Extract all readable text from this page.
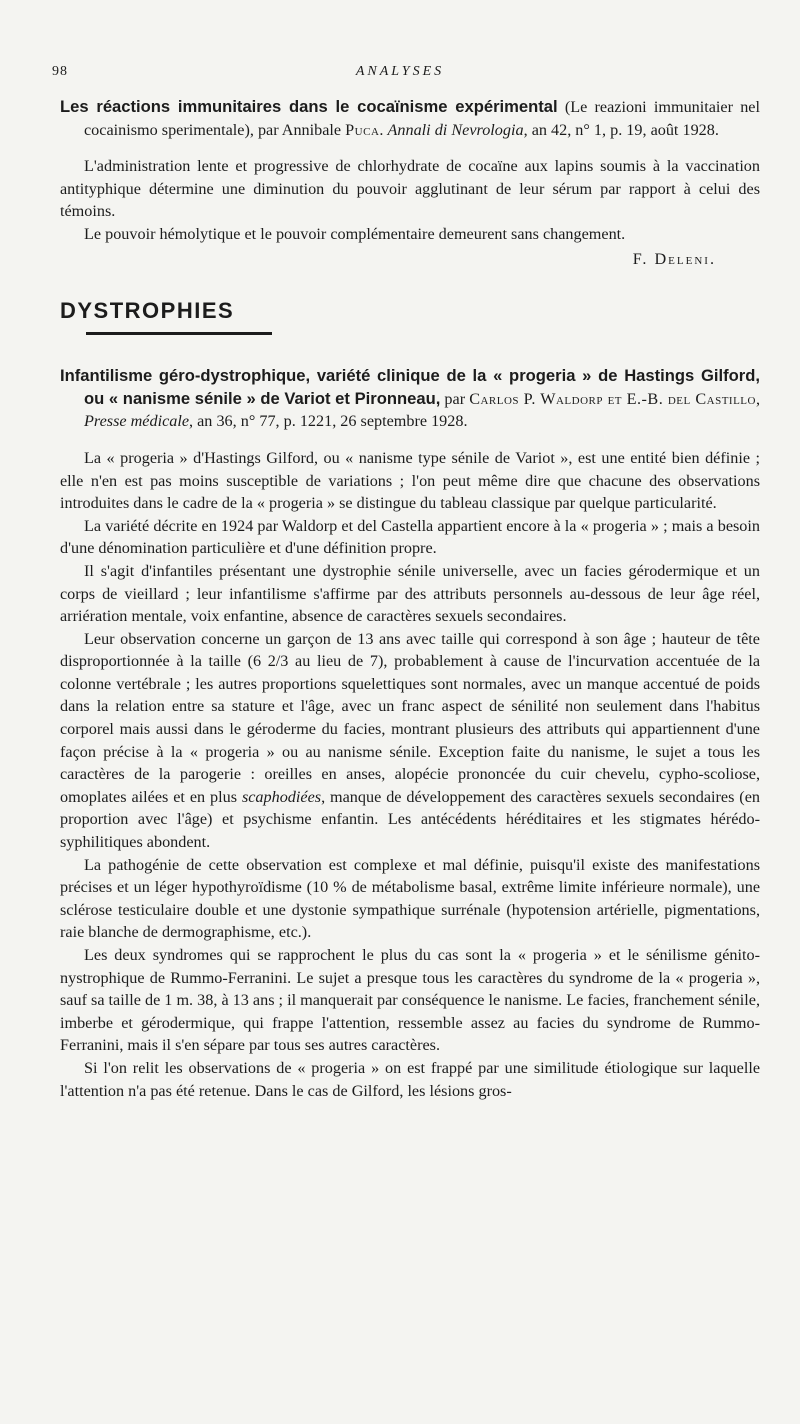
98	ANALYSES

Les réactions immunitaires dans le cocaïnisme expérimental (Le reazioni immunitaier nel cocainismo sperimentale), par Annibale Puca. Annali di Nevrologia, an 42, n° 1, p. 19, août 1928.

L'administration lente et progressive de chlorhydrate de cocaïne aux lapins soumis à la vaccination antityphique détermine une diminution du pouvoir agglutinant de leur sérum par rapport à celui des témoins.

Le pouvoir hémolytique et le pouvoir complémentaire demeurent sans changement.

F. Deleni.

DYSTROPHIES

Infantilisme géro-dystrophique, variété clinique de la « progeria » de Hastings Gilford, ou « nanisme sénile » de Variot et Pironneau, par Carlos P. Waldorp et E.-B. del Castillo, Presse médicale, an 36, n° 77, p. 1221, 26 septembre 1928.

La « progeria » d'Hastings Gilford, ou « nanisme type sénile de Variot », est une entité bien définie ; elle n'en est pas moins susceptible de variations ; l'on peut même dire que chacune des observations introduites dans le cadre de la « progeria » se distingue du tableau classique par quelque particularité.

La variété décrite en 1924 par Waldorp et del Castella appartient encore à la « progeria » ; mais a besoin d'une dénomination particulière et d'une définition propre.

Il s'agit d'infantiles présentant une dystrophie sénile universelle, avec un facies gérodermique et un corps de vieillard ; leur infantilisme s'affirme par des attributs personnels au-dessous de leur âge réel, arriération mentale, voix enfantine, absence de caractères sexuels secondaires.

Leur observation concerne un garçon de 13 ans avec taille qui correspond à son âge ; hauteur de tête disproportionnée à la taille (6 2/3 au lieu de 7), probablement à cause de l'incurvation accentuée de la colonne vertébrale ; les autres proportions squelettiques sont normales, avec un manque accentué de poids dans la relation entre sa stature et l'âge, avec un franc aspect de sénilité non seulement dans l'habitus corporel mais aussi dans le géroderme du facies, montrant plusieurs des attributs qui appartiennent d'une façon précise à la « progeria » ou au nanisme sénile. Exception faite du nanisme, le sujet a tous les caractères de la parogerie : oreilles en anses, alopécie prononcée du cuir chevelu, cypho-scoliose, omoplates ailées et en plus scaphodiées, manque de développement des caractères sexuels secondaires (en proportion avec l'âge) et psychisme enfantin. Les antécédents héréditaires et les stigmates hérédo-syphilitiques abondent.

La pathogénie de cette observation est complexe et mal définie, puisqu'il existe des manifestations précises et un léger hypothyroïdisme (10 % de métabolisme basal, extrême limite inférieure normale), une sclérose testiculaire double et une dystonie sympathique surrénale (hypotension artérielle, pigmentations, raie blanche de dermographisme, etc.).

Les deux syndromes qui se rapprochent le plus du cas sont la « progeria » et le sénilisme génito-nystrophique de Rummo-Ferranini. Le sujet a presque tous les caractères du syndrome de la « progeria », sauf sa taille de 1 m. 38, à 13 ans ; il manquerait par conséquence le nanisme. Le facies, franchement sénile, imberbe et gérodermique, qui frappe l'attention, ressemble assez au facies du syndrome de Rummo-Ferranini, mais il s'en sépare par tous ses autres caractères.

Si l'on relit les observations de « progeria » on est frappé par une similitude étiologique sur laquelle l'attention n'a pas été retenue. Dans le cas de Gilford, les lésions gros-
